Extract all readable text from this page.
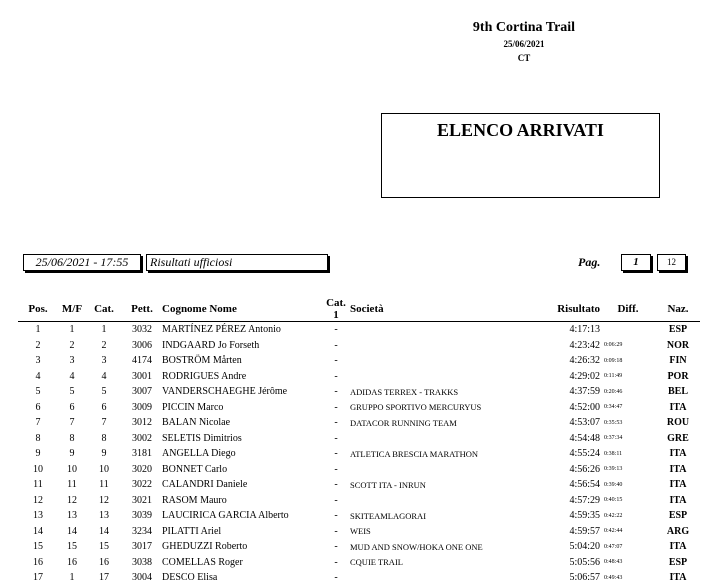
9th Cortina Trail
25/06/2021
CT
ELENCO ARRIVATI
25/06/2021 - 17:55	Risultati ufficiosi	Pag.	1	12
Pos.	M/F	Cat.	Pett.	Cognome Nome	Cat. 1	Società	Risultato	Diff.	Naz.
1	1	1	3032	MARTÍNEZ PÉREZ Antonio	-		4:17:13		ESP
2	2	2	3006	INDGAARD Jo Forseth	-		4:23:42	0:06:29	NOR
3	3	3	4174	BOSTRÖM Mårten	-		4:26:32	0:09:18	FIN
4	4	4	3001	RODRIGUES Andre	-		4:29:02	0:11:49	POR
5	5	5	3007	VANDERSCHAEGHE Jérôme	-	ADIDAS TERREX - TRAKKS	4:37:59	0:20:46	BEL
6	6	6	3009	PICCIN Marco	-	GRUPPO SPORTIVO MERCURYUS	4:52:00	0:34:47	ITA
7	7	7	3012	BALAN Nicolae	-	DATACOR RUNNING TEAM	4:53:07	0:35:53	ROU
8	8	8	3002	SELETIS Dimitrios	-		4:54:48	0:37:34	GRE
9	9	9	3181	ANGELLA Diego	-	ATLETICA BRESCIA MARATHON	4:55:24	0:38:11	ITA
10	10	10	3020	BONNET Carlo	-		4:56:26	0:39:13	ITA
11	11	11	3022	CALANDRI Daniele	-	SCOTT ITA - INRUN	4:56:54	0:39:40	ITA
12	12	12	3021	RASOM Mauro	-		4:57:29	0:40:15	ITA
13	13	13	3039	LAUCIRICA GARCIA Alberto	-	SKITEAMLAGORAI	4:59:35	0:42:22	ESP
14	14	14	3234	PILATTI Ariel	-	WEIS	4:59:57	0:42:44	ARG
15	15	15	3017	GHEDUZZI Roberto	-	MUD AND SNOW/HOKA ONE ONE	5:04:20	0:47:07	ITA
16	16	16	3038	COMELLAS Roger	-	CQUIE TRAIL	5:05:56	0:48:43	ESP
17	1	17	3004	DESCO Elisa	-		5:06:57	0:49:43	ITA
